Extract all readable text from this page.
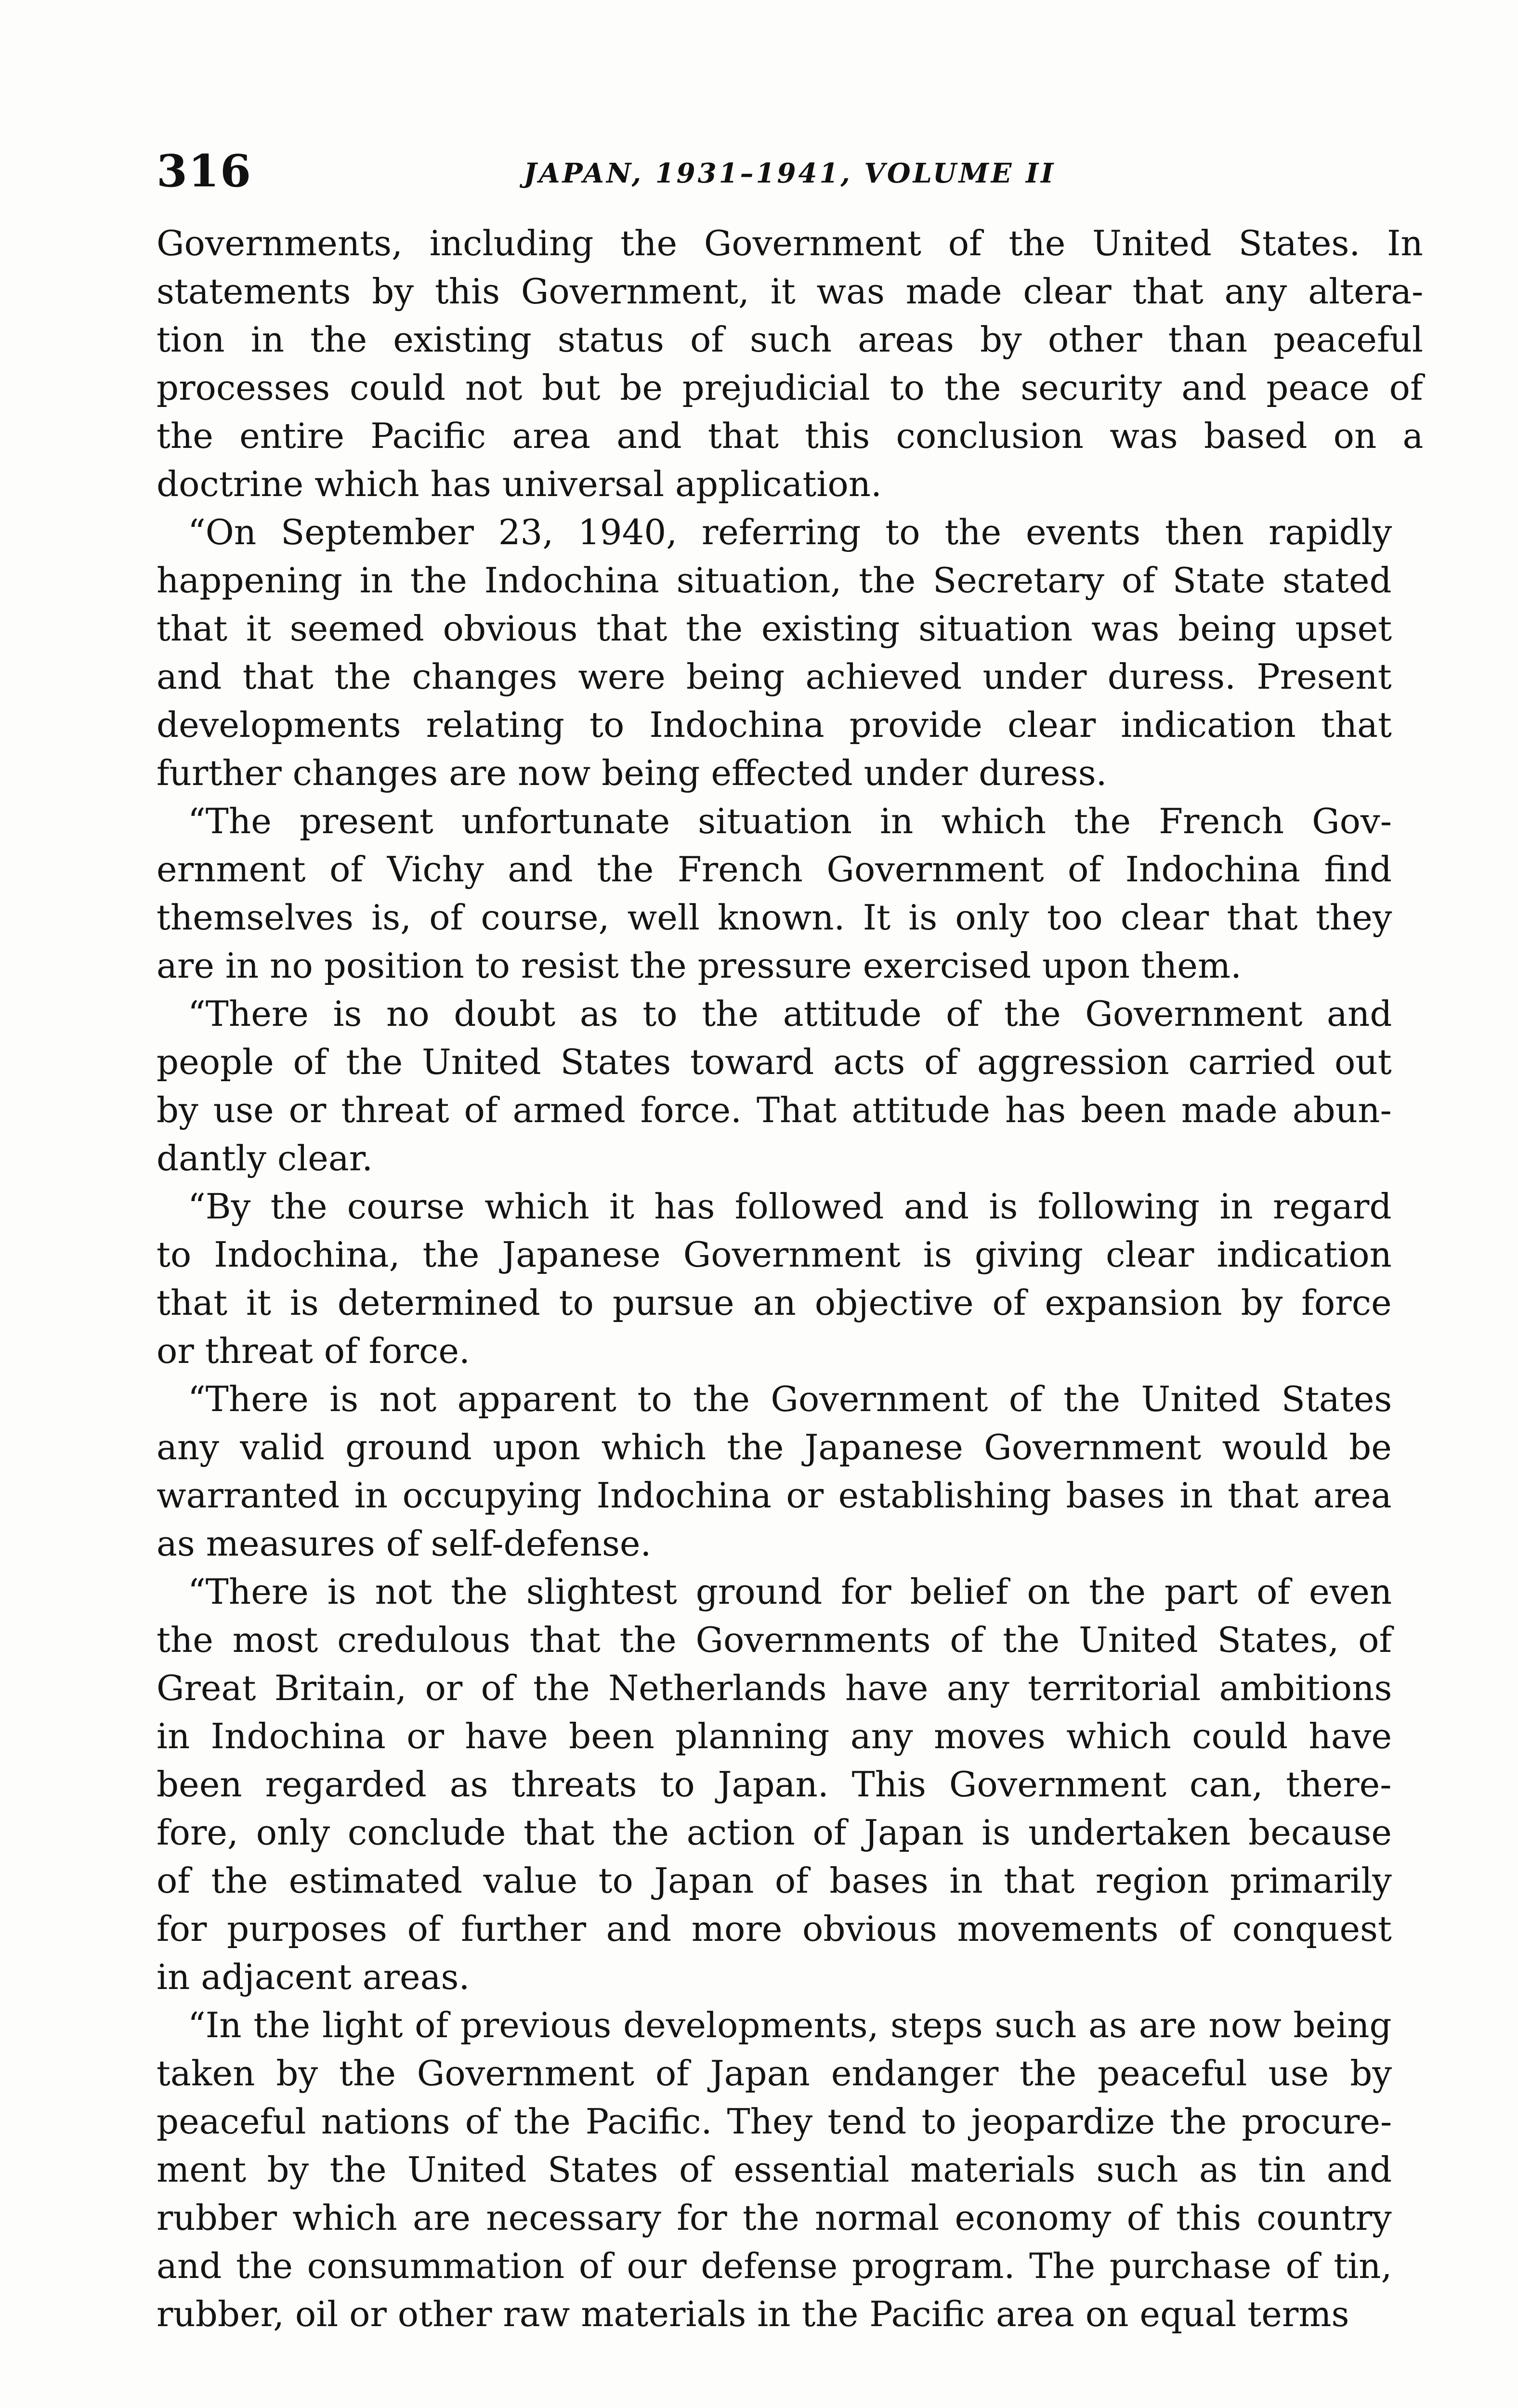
316	JAPAN, 1931–1941, VOLUME II
Governments, including the Government of the United States. In
statements by this Government, it was made clear that any altera-
tion in the existing status of such areas by other than peaceful
processes could not but be prejudicial to the security and peace of
the entire Pacific area and that this conclusion was based on a
doctrine which has universal application.
“On September 23, 1940, referring to the events then rapidly
happening in the Indochina situation, the Secretary of State stated
that it seemed obvious that the existing situation was being upset
and that the changes were being achieved under duress. Present
developments relating to Indochina provide clear indication that
further changes are now being effected under duress.
“The present unfortunate situation in which the French Gov-
ernment of Vichy and the French Government of Indochina find
themselves is, of course, well known. It is only too clear that they
are in no position to resist the pressure exercised upon them.
“There is no doubt as to the attitude of the Government and
people of the United States toward acts of aggression carried out
by use or threat of armed force. That attitude has been made abun-
dantly clear.
“By the course which it has followed and is following in regard
to Indochina, the Japanese Government is giving clear indication
that it is determined to pursue an objective of expansion by force
or threat of force.
“There is not apparent to the Government of the United States
any valid ground upon which the Japanese Government would be
warranted in occupying Indochina or establishing bases in that area
as measures of self-defense.
“There is not the slightest ground for belief on the part of even
the most credulous that the Governments of the United States, of
Great Britain, or of the Netherlands have any territorial ambitions
in Indochina or have been planning any moves which could have
been regarded as threats to Japan. This Government can, there-
fore, only conclude that the action of Japan is undertaken because
of the estimated value to Japan of bases in that region primarily
for purposes of further and more obvious movements of conquest
in adjacent areas.
“In the light of previous developments, steps such as are now being
taken by the Government of Japan endanger the peaceful use by
peaceful nations of the Pacific. They tend to jeopardize the procure-
ment by the United States of essential materials such as tin and
rubber which are necessary for the normal economy of this country
and the consummation of our defense program. The purchase of tin,
rubber, oil or other raw materials in the Pacific area on equal terms
